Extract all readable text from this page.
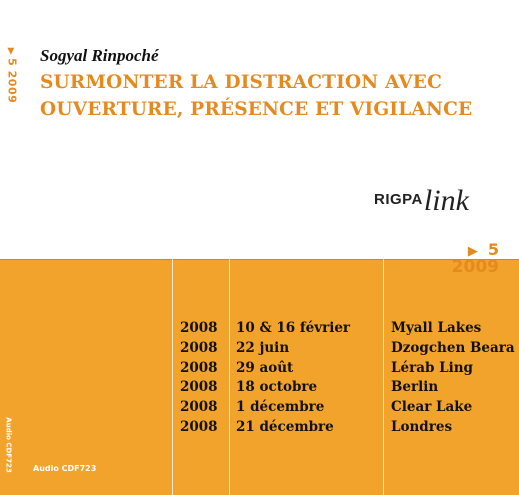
▶5 2009
Sogyal Rinpoché
SURMONTER LA DISTRACTION AVEC
OUVERTURE, PRÉSENCE ET VIGILANCE
RIGPA link
▶ 5
2009
2008 10 & 16 février	Myall Lakes
2008 22 juin	Dzogchen Beara
2008 29 août	Lérab Ling
2008 18 octobre	Berlin
2008 1 décembre	Clear Lake
2008 21 décembre	Londres
Audio CDF723	Audio CDF723
